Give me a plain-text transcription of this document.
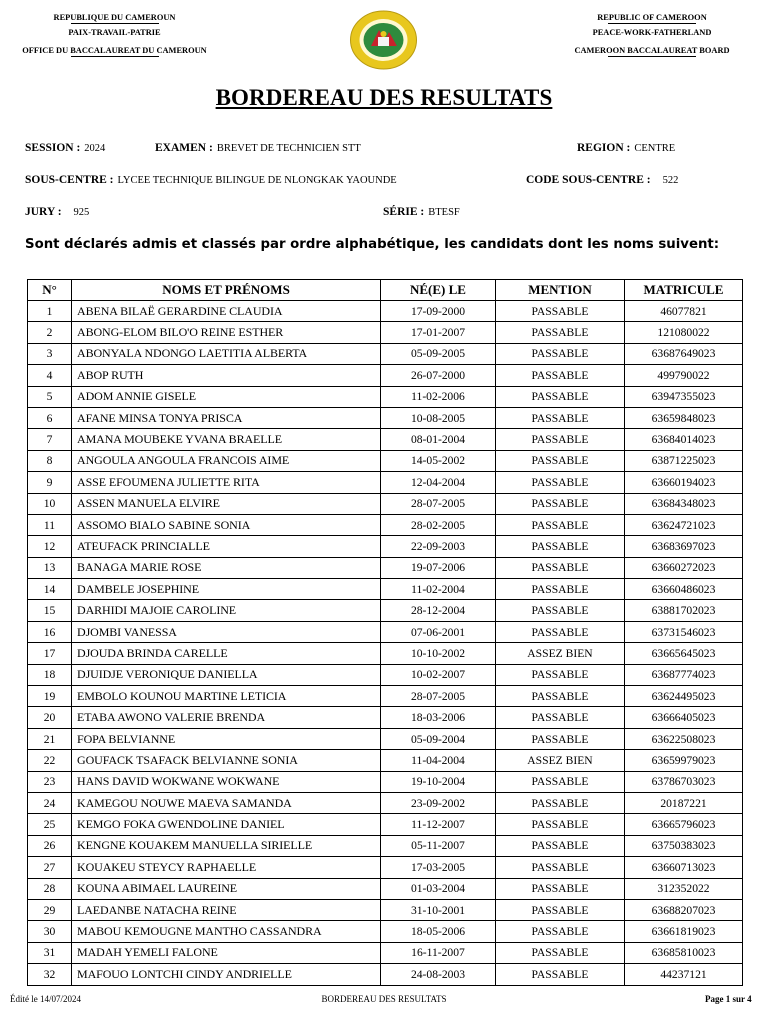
REPUBLIQUE DU CAMEROUN
PAIX-TRAVAIL-PATRIE
OFFICE DU BACCALAUREAT DU CAMEROUN
REPUBLIC OF CAMEROON
PEACE-WORK-FATHERLAND
CAMEROON BACCALAUREAT BOARD
BORDEREAU DES RESULTATS
SESSION : 2024	EXAMEN : BREVET DE TECHNICIEN STT	REGION : CENTRE
SOUS-CENTRE : LYCEE TECHNIQUE BILINGUE DE NLONGKAK YAOUNDE	CODE SOUS-CENTRE : 522
JURY : 925	SÉRIE : BTESF
Sont déclarés admis et classés par ordre alphabétique, les candidats dont les noms suivent:
N°	NOMS ET PRÉNOMS	NÉ(E) LE	MENTION	MATRICULE
1	ABENA BILAË GERARDINE CLAUDIA	17-09-2000	PASSABLE	46077821
2	ABONG-ELOM BILO'O REINE ESTHER	17-01-2007	PASSABLE	121080022
3	ABONYALA NDONGO LAETITIA ALBERTA	05-09-2005	PASSABLE	63687649023
4	ABOP RUTH	26-07-2000	PASSABLE	499790022
5	ADOM ANNIE GISELE	11-02-2006	PASSABLE	63947355023
6	AFANE MINSA TONYA PRISCA	10-08-2005	PASSABLE	63659848023
7	AMANA MOUBEKE YVANA BRAELLE	08-01-2004	PASSABLE	63684014023
8	ANGOULA ANGOULA FRANCOIS AIME	14-05-2002	PASSABLE	63871225023
9	ASSE EFOUMENA JULIETTE RITA	12-04-2004	PASSABLE	63660194023
10	ASSEN MANUELA ELVIRE	28-07-2005	PASSABLE	63684348023
11	ASSOMO BIALO SABINE SONIA	28-02-2005	PASSABLE	63624721023
12	ATEUFACK PRINCIALLE	22-09-2003	PASSABLE	63683697023
13	BANAGA MARIE ROSE	19-07-2006	PASSABLE	63660272023
14	DAMBELE JOSEPHINE	11-02-2004	PASSABLE	63660486023
15	DARHIDI MAJOIE CAROLINE	28-12-2004	PASSABLE	63881702023
16	DJOMBI VANESSA	07-06-2001	PASSABLE	63731546023
17	DJOUDA BRINDA CARELLE	10-10-2002	ASSEZ BIEN	63665645023
18	DJUIDJE VERONIQUE DANIELLA	10-02-2007	PASSABLE	63687774023
19	EMBOLO KOUNOU MARTINE LETICIA	28-07-2005	PASSABLE	63624495023
20	ETABA AWONO VALERIE BRENDA	18-03-2006	PASSABLE	63666405023
21	FOPA BELVIANNE	05-09-2004	PASSABLE	63622508023
22	GOUFACK TSAFACK BELVIANNE SONIA	11-04-2004	ASSEZ BIEN	63659979023
23	HANS DAVID WOKWANE WOKWANE	19-10-2004	PASSABLE	63786703023
24	KAMEGOU NOUWE MAEVA SAMANDA	23-09-2002	PASSABLE	20187221
25	KEMGO FOKA GWENDOLINE DANIEL	11-12-2007	PASSABLE	63665796023
26	KENGNE KOUAKEM MANUELLA SIRIELLE	05-11-2007	PASSABLE	63750383023
27	KOUAKEU STEYCY RAPHAELLE	17-03-2005	PASSABLE	63660713023
28	KOUNA ABIMAEL LAUREINE	01-03-2004	PASSABLE	312352022
29	LAEDANBE NATACHA REINE	31-10-2001	PASSABLE	63688207023
30	MABOU KEMOUGNE MANTHO CASSANDRA	18-05-2006	PASSABLE	63661819023
31	MADAH YEMELI FALONE	16-11-2007	PASSABLE	63685810023
32	MAFOUO LONTCHI CINDY ANDRIELLE	24-08-2003	PASSABLE	44237121
Édité le 14/07/2024	BORDEREAU DES RESULTATS	Page 1 sur 4
